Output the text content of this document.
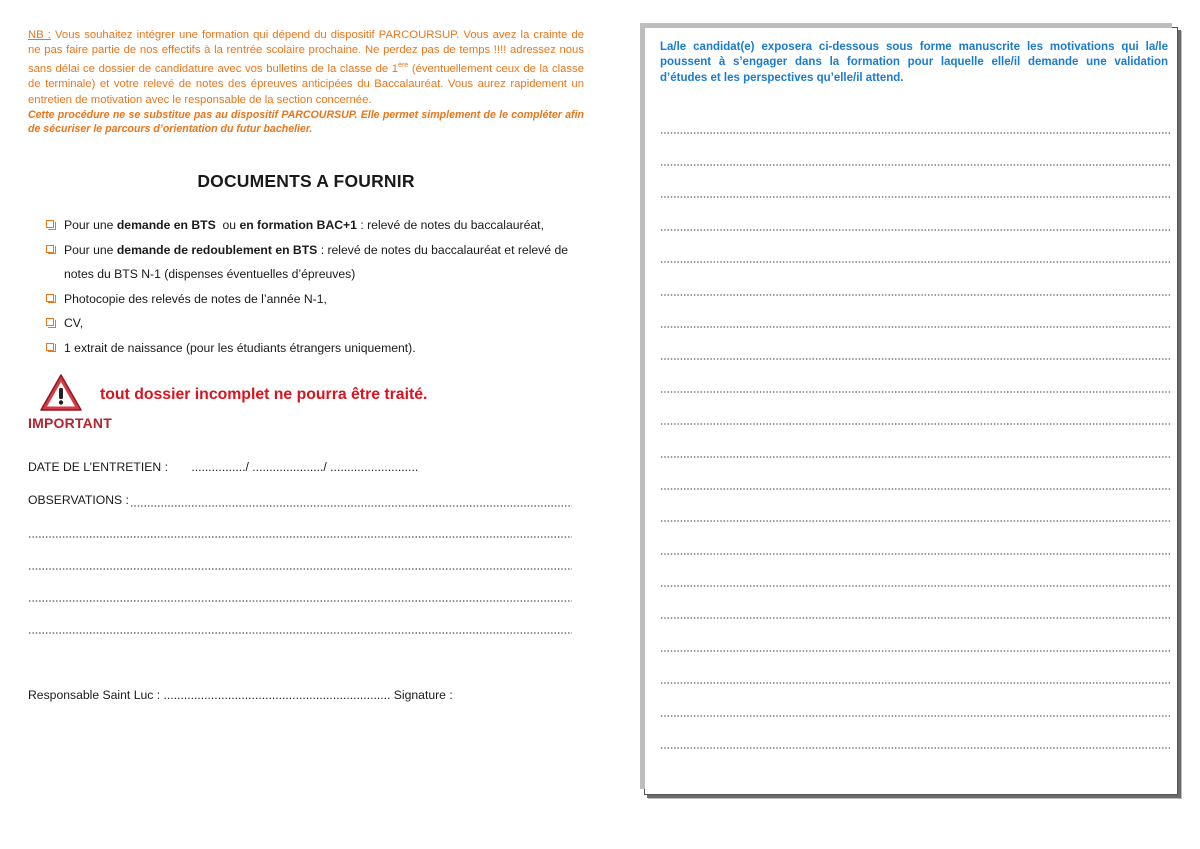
NB : Vous souhaitez intégrer une formation qui dépend du dispositif PARCOURSUP. Vous avez la crainte de ne pas faire partie de nos effectifs à la rentrée scolaire prochaine. Ne perdez pas de temps !!!! adressez nous sans délai ce dossier de candidature avec vos bulletins de la classe de 1ère (éventuellement ceux de la classe de terminale) et votre relevé de notes des épreuves anticipées du Baccalauréat. Vous aurez rapidement un entretien de motivation avec le responsable de la section concernée.

Cette procédure ne se substitue pas au dispositif PARCOURSUP. Elle permet simplement de le compléter afin de sécuriser le parcours d’orientation du futur bachelier.

DOCUMENTS A FOURNIR
Pour une demande en BTS  ou en formation BAC+1 : relevé de notes du baccalauréat,
Pour une demande de redoublement en BTS : relevé de notes du baccalauréat et relevé de notes du BTS N-1 (dispenses éventuelles d’épreuves)
Photocopie des relevés de notes de l’année N-1,
CV,
1 extrait de naissance (pour les étudiants étrangers uniquement).
IMPORTANT
tout dossier incomplet ne pourra être traité.
DATE DE L’ENTRETIEN : ................/ ...................../ ..........................
OBSERVATIONS :
Responsable Saint Luc : ................................................................... Signature :

La/le candidat(e) exposera ci-dessous sous forme manuscrite les motivations qui la/le poussent à s’engager dans la formation pour laquelle elle/il demande une validation d’études et les perspectives qu’elle/il attend.
